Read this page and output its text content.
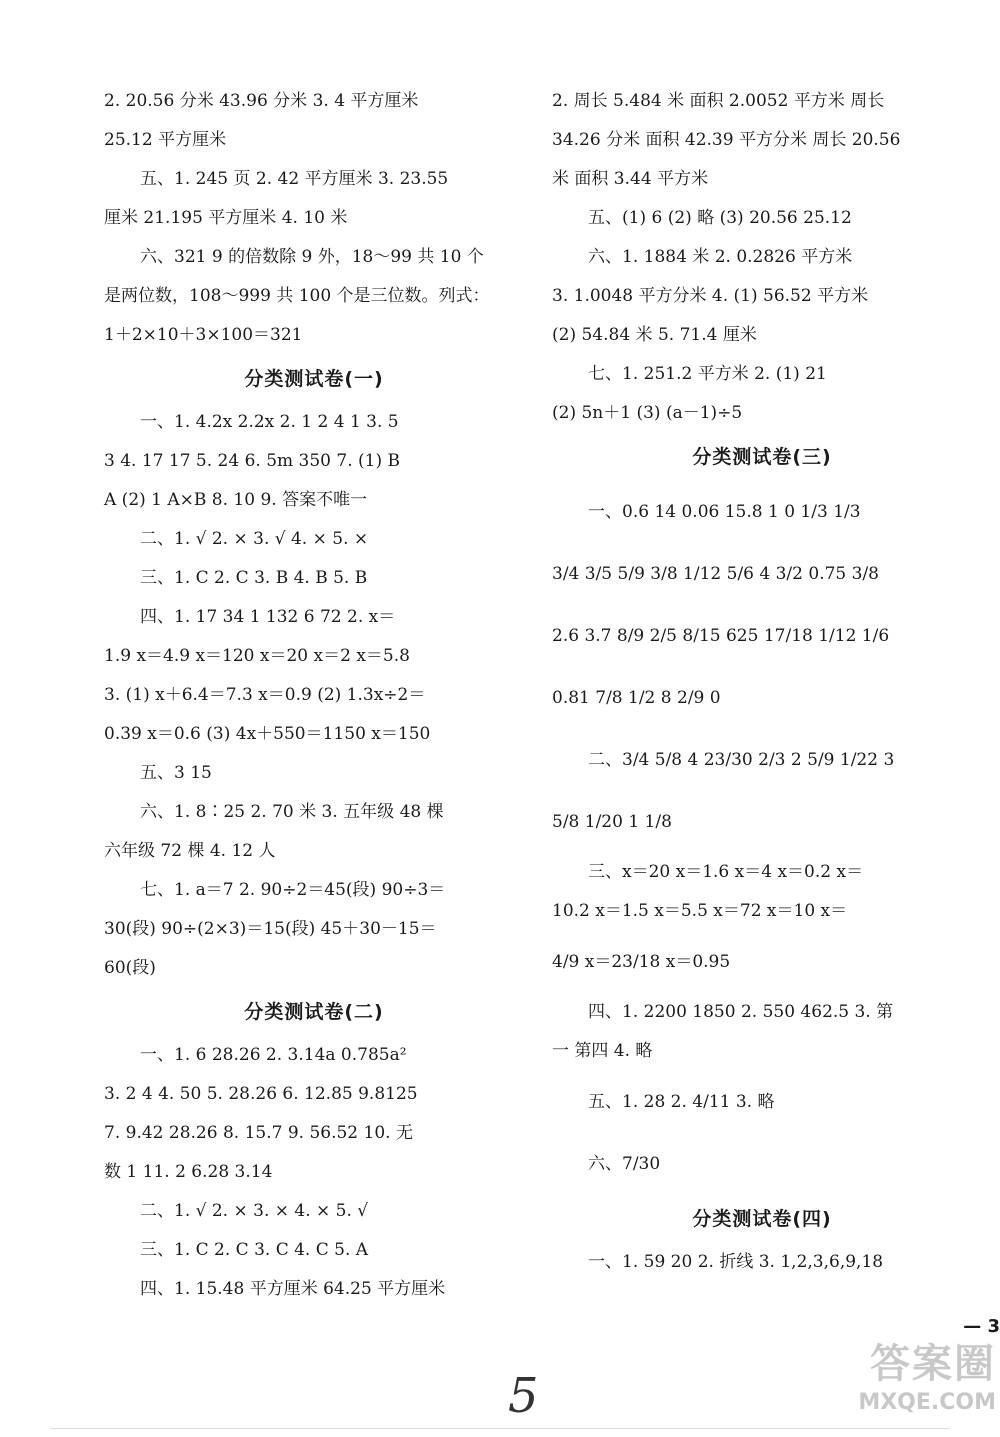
2. 20.56 分米 43.96 分米 3. 4 平方厘米
25.12 平方厘米
五、1. 245 页 2. 42 平方厘米 3. 23.55
厘米 21.195 平方厘米 4. 10 米
六、321 9 的倍数除 9 外，18～99 共 10 个
是两位数，108～999 共 100 个是三位数。列式：
1＋2×10＋3×100＝321
分类测试卷(一)
一、1. 4.2x 2.2x 2. 1 2 4 1 3. 5
3 4. 17 17 5. 24 6. 5m 350 7. (1) B
A (2) 1 A×B 8. 10 9. 答案不唯一
二、1. √ 2. × 3. √ 4. × 5. ×
三、1. C 2. C 3. B 4. B 5. B
四、1. 17 34 1 132 6 72 2. x＝
1.9 x＝4.9 x＝120 x＝20 x＝2 x＝5.8
3. (1) x＋6.4＝7.3 x＝0.9 (2) 1.3x÷2＝
0.39 x＝0.6 (3) 4x＋550＝1150 x＝150
五、3 15
六、1. 8∶25 2. 70 米 3. 五年级 48 棵
六年级 72 棵 4. 12 人
七、1. a＝7 2. 90÷2＝45(段) 90÷3＝
30(段) 90÷(2×3)＝15(段) 45＋30－15＝
60(段)
分类测试卷(二)
一、1. 6 28.26 2. 3.14a 0.785a²
3. 2 4 4. 50 5. 28.26 6. 12.85 9.8125
7. 9.42 28.26 8. 15.7 9. 56.52 10. 无
数 1 11. 2 6.28 3.14
二、1. √ 2. × 3. × 4. × 5. √
三、1. C 2. C 3. C 4. C 5. A
四、1. 15.48 平方厘米 64.25 平方厘米
2. 周长 5.484 米 面积 2.0052 平方米 周长
34.26 分米 面积 42.39 平方分米 周长 20.56
米 面积 3.44 平方米
五、(1) 6 (2) 略 (3) 20.56 25.12
六、1. 1884 米 2. 0.2826 平方米
3. 1.0048 平方分米 4. (1) 56.52 平方米
(2) 54.84 米 5. 71.4 厘米
七、1. 251.2 平方米 2. (1) 21
(2) 5n＋1 (3) (a－1)÷5
分类测试卷(三)
一、0.6 14 0.06 15.8 1 0 1/3 1/3
3/4 3/5 5/9 3/8 1/12 5/6 4 3/2 0.75 3/8
2.6 3.7 8/9 2/5 8/15 625 17/18 1/12 1/6
0.81 7/8 1/2 8 2/9 0
二、3/4 5/8 4 23/30 2/3 2 5/9 1/22 3
5/8 1/20 1 1/8
三、x＝20 x＝1.6 x＝4 x＝0.2 x＝
10.2 x＝1.5 x＝5.5 x＝72 x＝10 x＝
4/9 x＝23/18 x＝0.95
四、1. 2200 1850 2. 550 462.5 3. 第
一 第四 4. 略
五、1. 28 2. 4/11 3. 略
六、7/30
分类测试卷(四)
一、1. 59 20 2. 折线 3. 1,2,3,6,9,18
— 3
5
答案圈
MXQE.COM
